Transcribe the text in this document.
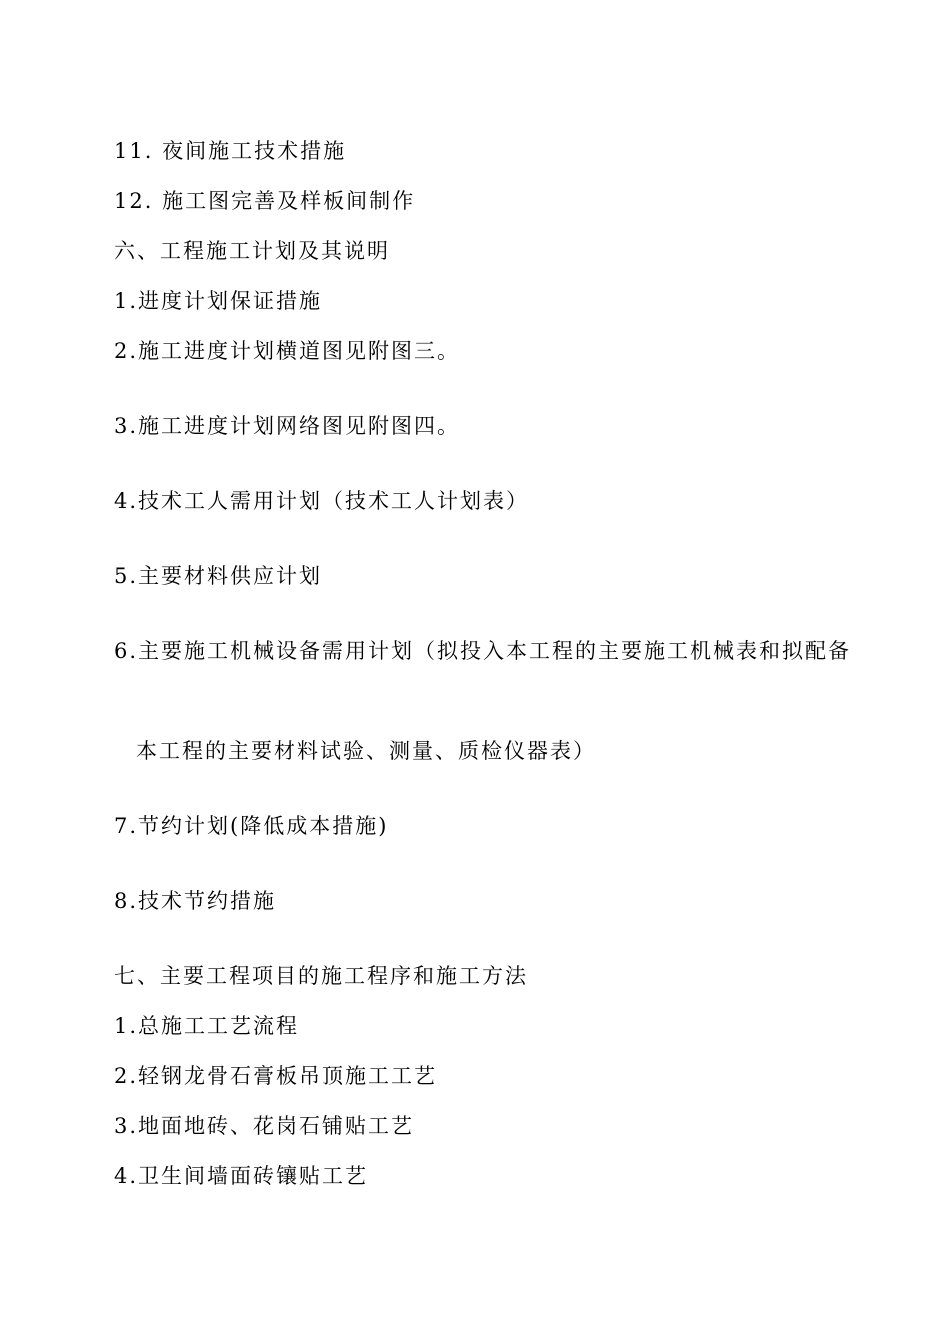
11. 夜间施工技术措施
12. 施工图完善及样板间制作
六、工程施工计划及其说明
1.进度计划保证措施
2.施工进度计划横道图见附图三。
3.施工进度计划网络图见附图四。
4.技术工人需用计划（技术工人计划表）
5.主要材料供应计划
6.主要施工机械设备需用计划（拟投入本工程的主要施工机械表和拟配备
本工程的主要材料试验、测量、质检仪器表）
7.节约计划(降低成本措施)
8.技术节约措施
七、主要工程项目的施工程序和施工方法
1.总施工工艺流程
2.轻钢龙骨石膏板吊顶施工工艺
3.地面地砖、花岗石铺贴工艺
4.卫生间墙面砖镶贴工艺
